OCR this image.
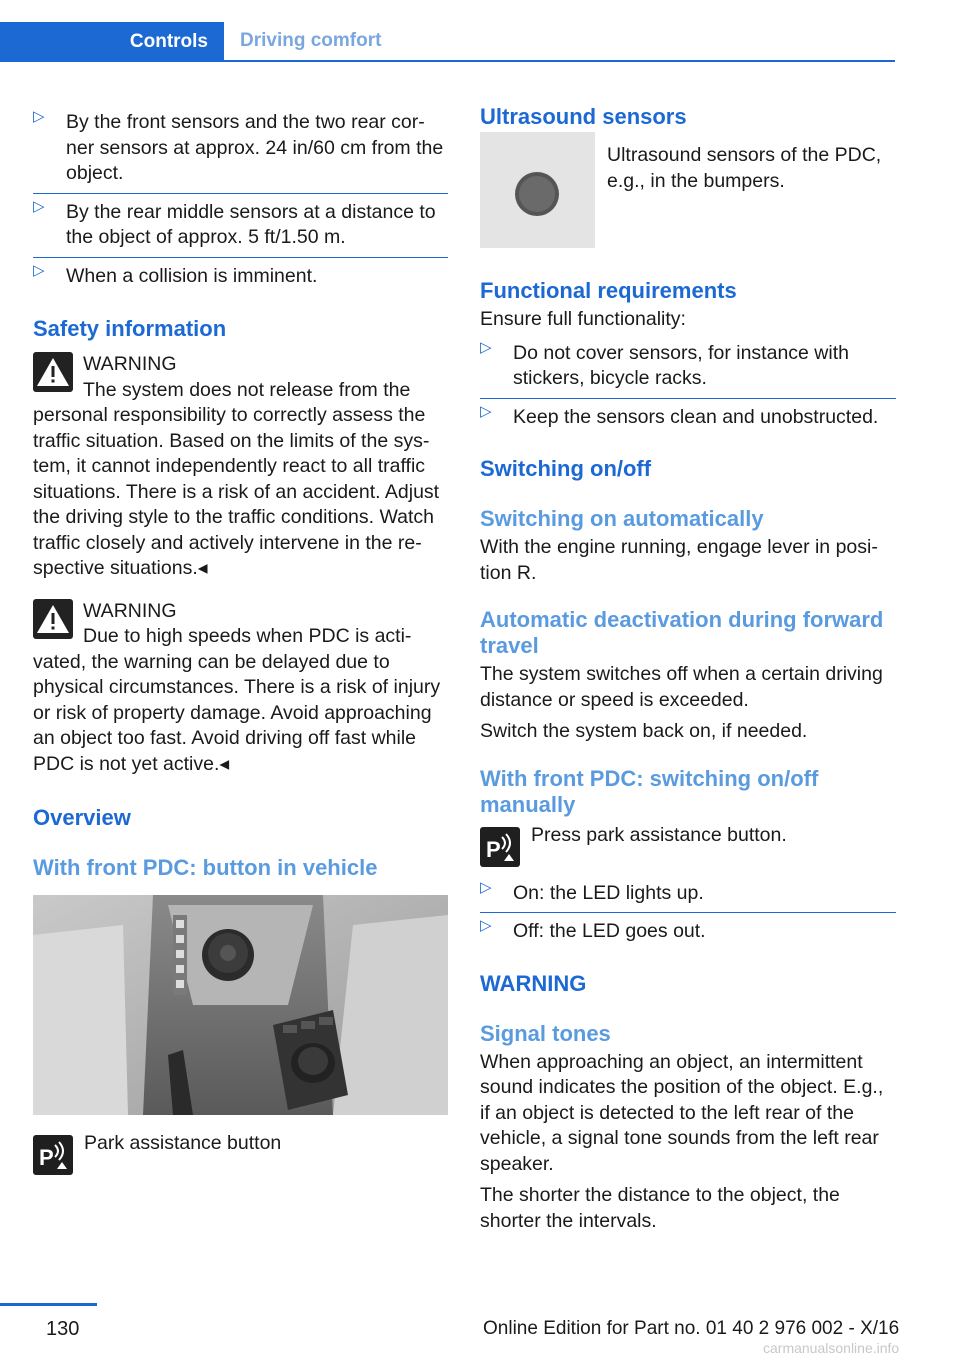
Controls Driving comfort
▷ By the front sensors and the two rear cor-ner sensors at approx. 24 in/60 cm from the object.
▷ By the rear middle sensors at a distance to the object of approx. 5 ft/1.50 m.
▷ When a collision is imminent.
Safety information
WARNING
The system does not release from the
personal responsibility to correctly assess the traffic situation. Based on the limits of the sys-tem, it cannot independently react to all traffic situations. There is a risk of an accident. Adjust the driving style to the traffic conditions. Watch traffic closely and actively intervene in the re-spective situations.◂
WARNING
Due to high speeds when PDC is acti-
vated, the warning can be delayed due to physical circumstances. There is a risk of injury or risk of property damage. Avoid approaching an object too fast. Avoid driving off fast while PDC is not yet active.◂
Overview
With front PDC: button in vehicle
P
Park assistance button
Ultrasound sensors
Ultrasound sensors of the PDC, e.g., in the bumpers.
Functional requirements
Ensure full functionality:
▷ Do not cover sensors, for instance with stickers, bicycle racks.
▷ Keep the sensors clean and unobstructed.
Switching on/off
Switching on automatically
With the engine running, engage lever in posi-tion R.
Automatic deactivation during forward travel
The system switches off when a certain driving distance or speed is exceeded.
Switch the system back on, if needed.
With front PDC: switching on/off manually
P
Press park assistance button.
▷ On: the LED lights up.
▷ Off: the LED goes out.
WARNING
Signal tones
When approaching an object, an intermittent sound indicates the position of the object. E.g., if an object is detected to the left rear of the vehicle, a signal tone sounds from the left rear speaker.
The shorter the distance to the object, the shorter the intervals.
130	Online Edition for Part no. 01 40 2 976 002 - X/16
carmanualsonline.info
